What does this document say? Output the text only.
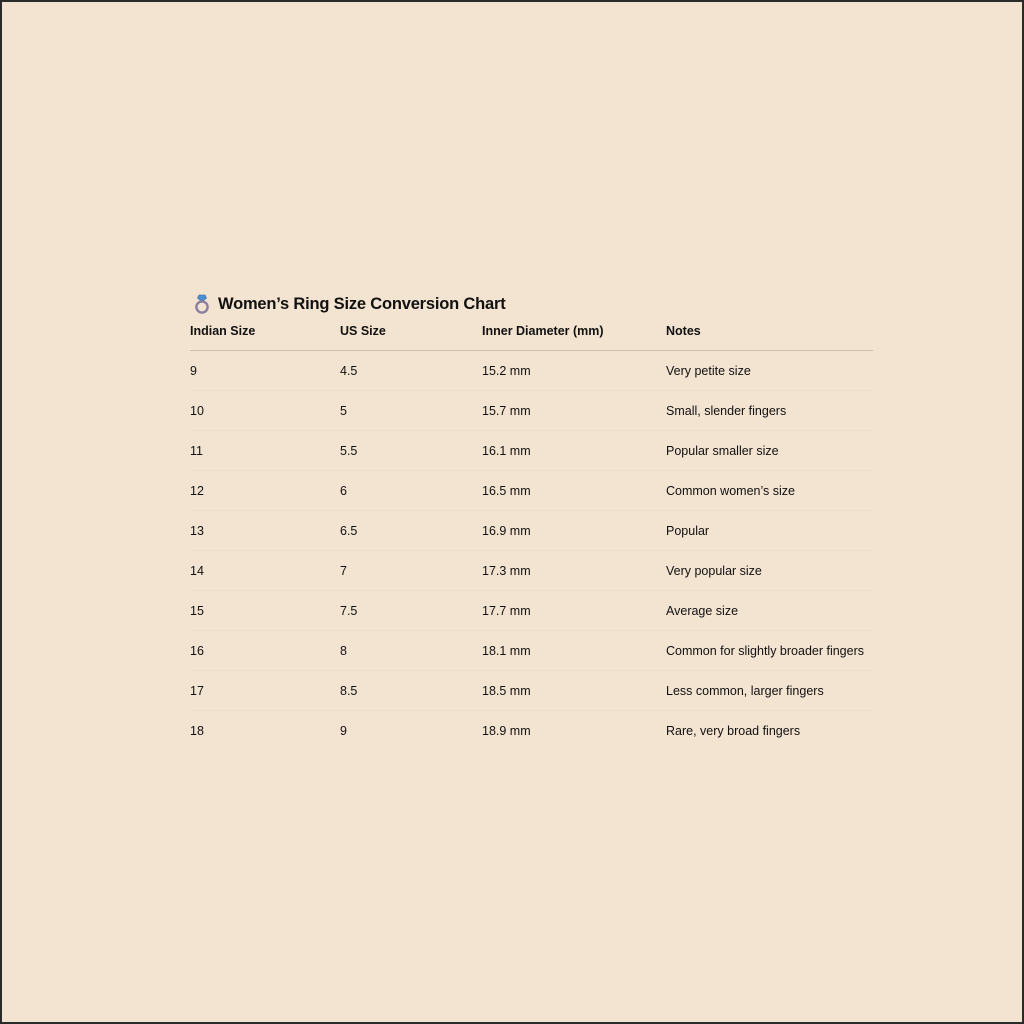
Women’s Ring Size Conversion Chart
Indian Size	US Size	Inner Diameter (mm)	Notes
9	4.5	15.2 mm	Very petite size
10	5	15.7 mm	Small, slender fingers
11	5.5	16.1 mm	Popular smaller size
12	6	16.5 mm	Common women’s size
13	6.5	16.9 mm	Popular
14	7	17.3 mm	Very popular size
15	7.5	17.7 mm	Average size
16	8	18.1 mm	Common for slightly broader fingers
17	8.5	18.5 mm	Less common, larger fingers
18	9	18.9 mm	Rare, very broad fingers
